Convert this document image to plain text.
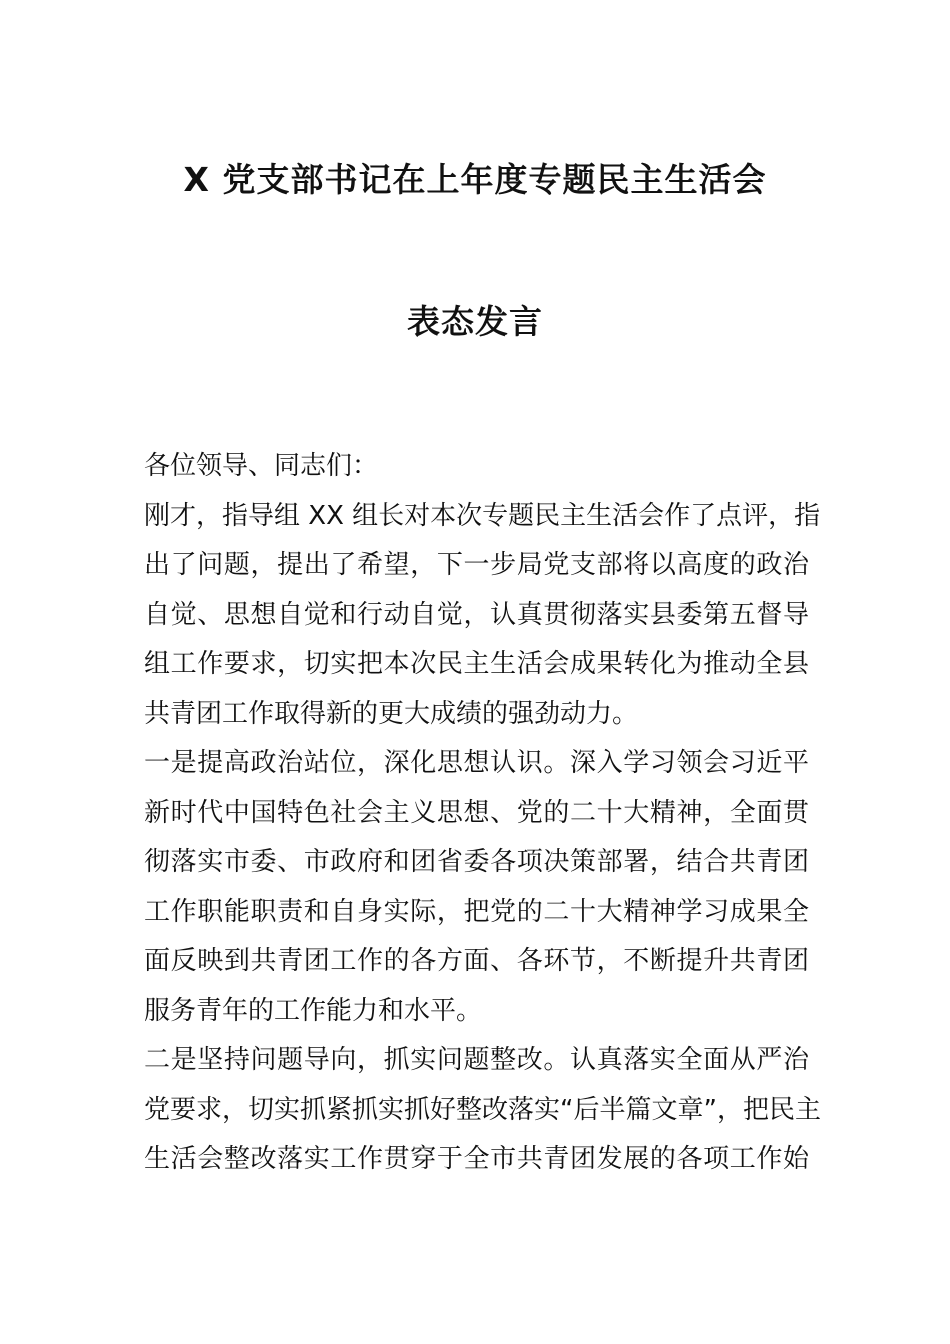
X 党支部书记在上年度专题民主生活会
表态发言
各位领导、同志们：
刚才，指导组 XX 组长对本次专题民主生活会作了点评，指
出了问题，提出了希望，下一步局党支部将以高度的政治
自觉、思想自觉和行动自觉，认真贯彻落实县委第五督导
组工作要求，切实把本次民主生活会成果转化为推动全县
共青团工作取得新的更大成绩的强劲动力。
一是提高政治站位，深化思想认识。深入学习领会习近平
新时代中国特色社会主义思想、党的二十大精神，全面贯
彻落实市委、市政府和团省委各项决策部署，结合共青团
工作职能职责和自身实际，把党的二十大精神学习成果全
面反映到共青团工作的各方面、各环节，不断提升共青团
服务青年的工作能力和水平。
二是坚持问题导向，抓实问题整改。认真落实全面从严治
党要求，切实抓紧抓实抓好整改落实“后半篇文章”，把民主
生活会整改落实工作贯穿于全市共青团发展的各项工作始
